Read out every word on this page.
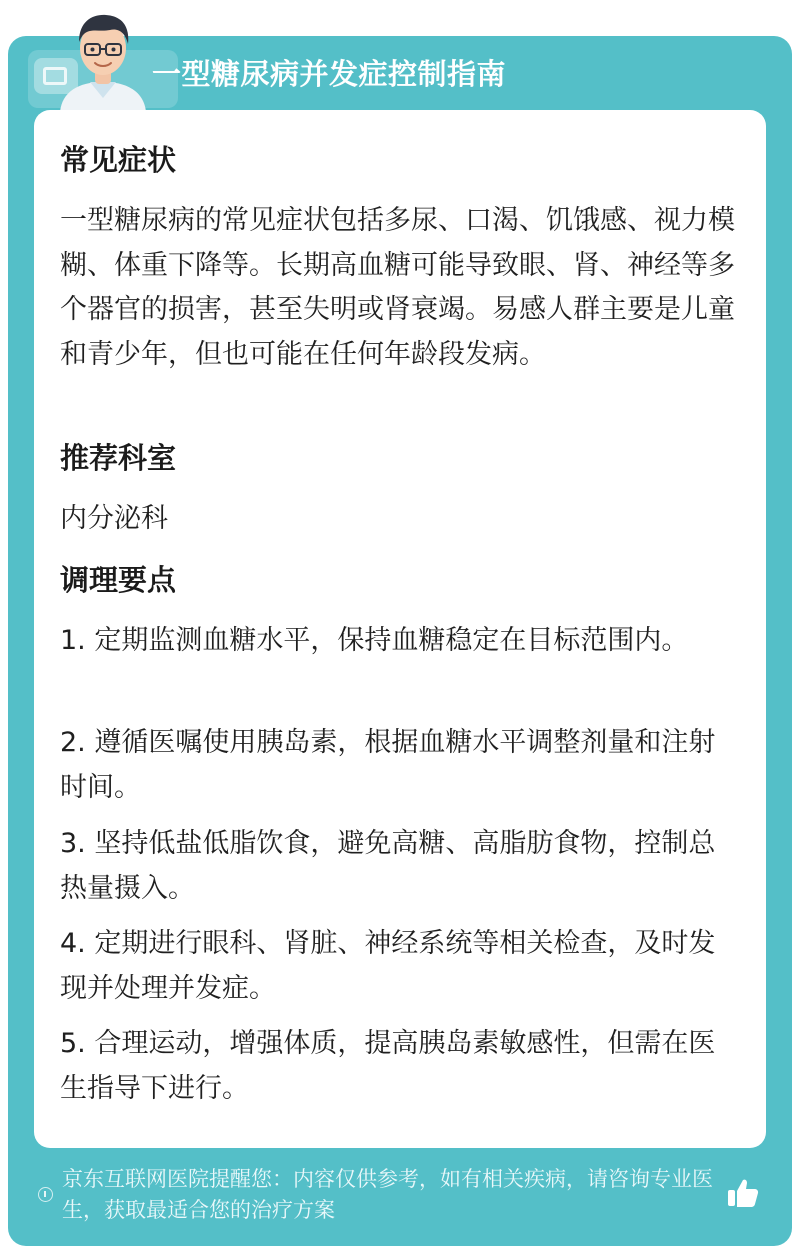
一型糖尿病并发症控制指南
常见症状
一型糖尿病的常见症状包括多尿、口渴、饥饿感、视力模糊、体重下降等。长期高血糖可能导致眼、肾、神经等多个器官的损害，甚至失明或肾衰竭。易感人群主要是儿童和青少年，但也可能在任何年龄段发病。
推荐科室
内分泌科
调理要点
1. 定期监测血糖水平，保持血糖稳定在目标范围内。
2. 遵循医嘱使用胰岛素，根据血糖水平调整剂量和注射时间。
3. 坚持低盐低脂饮食，避免高糖、高脂肪食物，控制总热量摄入。
4. 定期进行眼科、肾脏、神经系统等相关检查，及时发现并处理并发症。
5. 合理运动，增强体质，提高胰岛素敏感性，但需在医生指导下进行。
京东互联网医院提醒您：内容仅供参考，如有相关疾病，请咨询专业医生，获取最适合您的治疗方案
